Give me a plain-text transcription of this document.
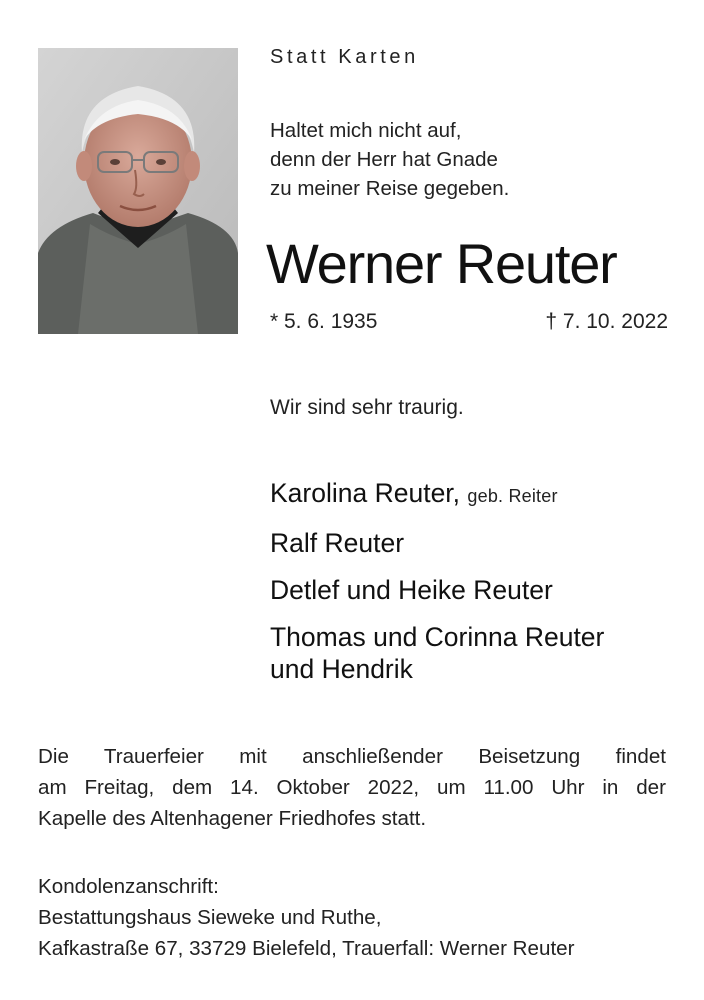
Statt Karten
Haltet mich nicht auf,
denn der Herr hat Gnade
zu meiner Reise gegeben.
Werner Reuter
* 5. 6. 1935	† 7. 10. 2022
Wir sind sehr traurig.
Karolina Reuter, geb. Reiter
Ralf Reuter
Detlef und Heike Reuter
Thomas und Corinna Reuter
und Hendrik
Die Trauerfeier mit anschließender Beisetzung findet
am Freitag, dem 14. Oktober 2022, um 11.00 Uhr in der
Kapelle des Altenhagener Friedhofes statt.
Kondolenzanschrift:
Bestattungshaus Sieweke und Ruthe,
Kafkastraße 67, 33729 Bielefeld, Trauerfall: Werner Reuter
